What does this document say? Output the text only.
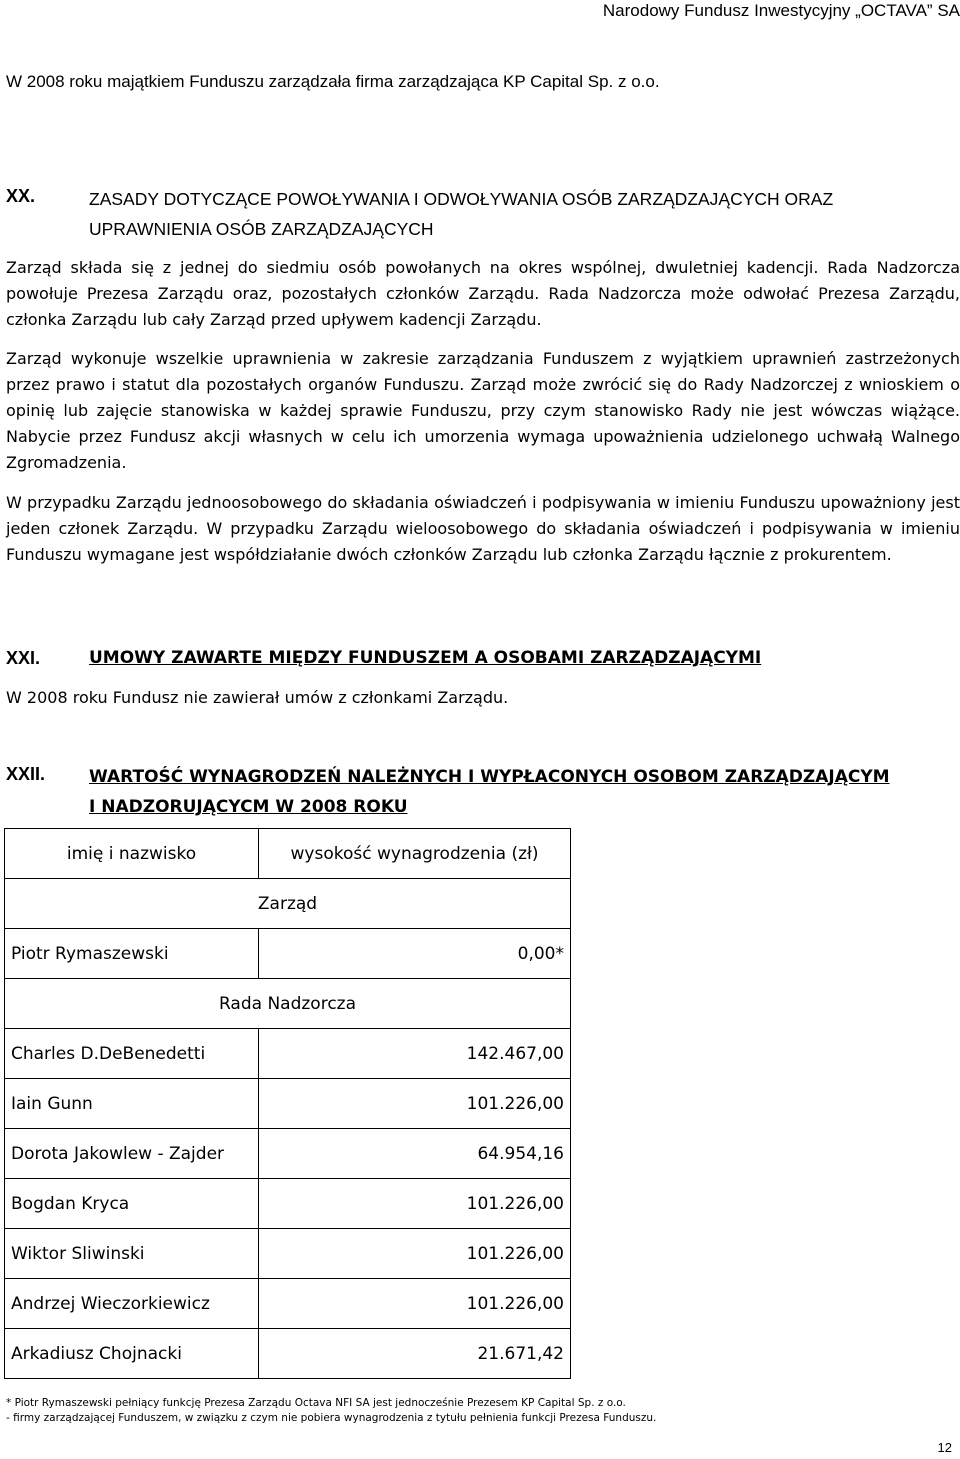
Narodowy Fundusz Inwestycyjny „OCTAVA” SA

W 2008 roku majątkiem Funduszu zarządzała firma zarządzająca KP Capital Sp. z o.o.

XX.	ZASADY DOTYCZĄCE POWOŁYWANIA I ODWOŁYWANIA OSÓB ZARZĄDZAJĄCYCH ORAZ
UPRAWNIENIA OSÓB ZARZĄDZAJĄCYCH

Zarząd składa się z jednej do siedmiu osób powołanych na okres wspólnej, dwuletniej kadencji. Rada Nadzorcza powołuje Prezesa Zarządu oraz, pozostałych członków Zarządu. Rada Nadzorcza może odwołać Prezesa Zarządu, członka Zarządu lub cały Zarząd przed upływem kadencji Zarządu.

Zarząd wykonuje wszelkie uprawnienia w zakresie zarządzania Funduszem z wyjątkiem uprawnień zastrzeżonych przez prawo i statut dla pozostałych organów Funduszu. Zarząd może zwrócić się do Rady Nadzorczej z wnioskiem o opinię lub zajęcie stanowiska w każdej sprawie Funduszu, przy czym stanowisko Rady nie jest wówczas wiążące. Nabycie przez Fundusz akcji własnych w celu ich umorzenia wymaga upoważnienia udzielonego uchwałą Walnego Zgromadzenia.

W przypadku Zarządu jednoosobowego do składania oświadczeń i podpisywania w imieniu Funduszu upoważniony jest jeden członek Zarządu. W przypadku Zarządu wieloosobowego do składania oświadczeń i podpisywania w imieniu Funduszu wymagane jest współdziałanie dwóch członków Zarządu lub członka Zarządu łącznie z prokurentem.

XXI.	UMOWY ZAWARTE MIĘDZY FUNDUSZEM A OSOBAMI ZARZĄDZAJĄCYMI

W 2008 roku Fundusz nie zawierał umów z członkami Zarządu.

XXII.	WARTOŚĆ WYNAGRODZEŃ NALEŻNYCH I WYPŁACONYCH OSOBOM ZARZĄDZAJĄCYM
I NADZORUJĄCYCM W 2008 ROKU
imię i nazwisko	wysokość wynagrodzenia (zł)
Zarząd	
Piotr Rymaszewski	0,00*
Rada Nadzorcza	
Charles D.DeBenedetti	142.467,00
Iain Gunn	101.226,00
Dorota Jakowlew - Zajder	64.954,16
Bogdan Kryca	101.226,00
Wiktor Sliwinski	101.226,00
Andrzej Wieczorkiewicz	101.226,00
Arkadiusz Chojnacki	21.671,42

* Piotr Rymaszewski pełniący funkcję Prezesa Zarządu Octava NFI SA jest jednocześnie Prezesem KP Capital Sp. z o.o.

- firmy zarządzającej Funduszem, w związku z czym nie pobiera wynagrodzenia z tytułu pełnienia funkcji Prezesa Funduszu.

12
